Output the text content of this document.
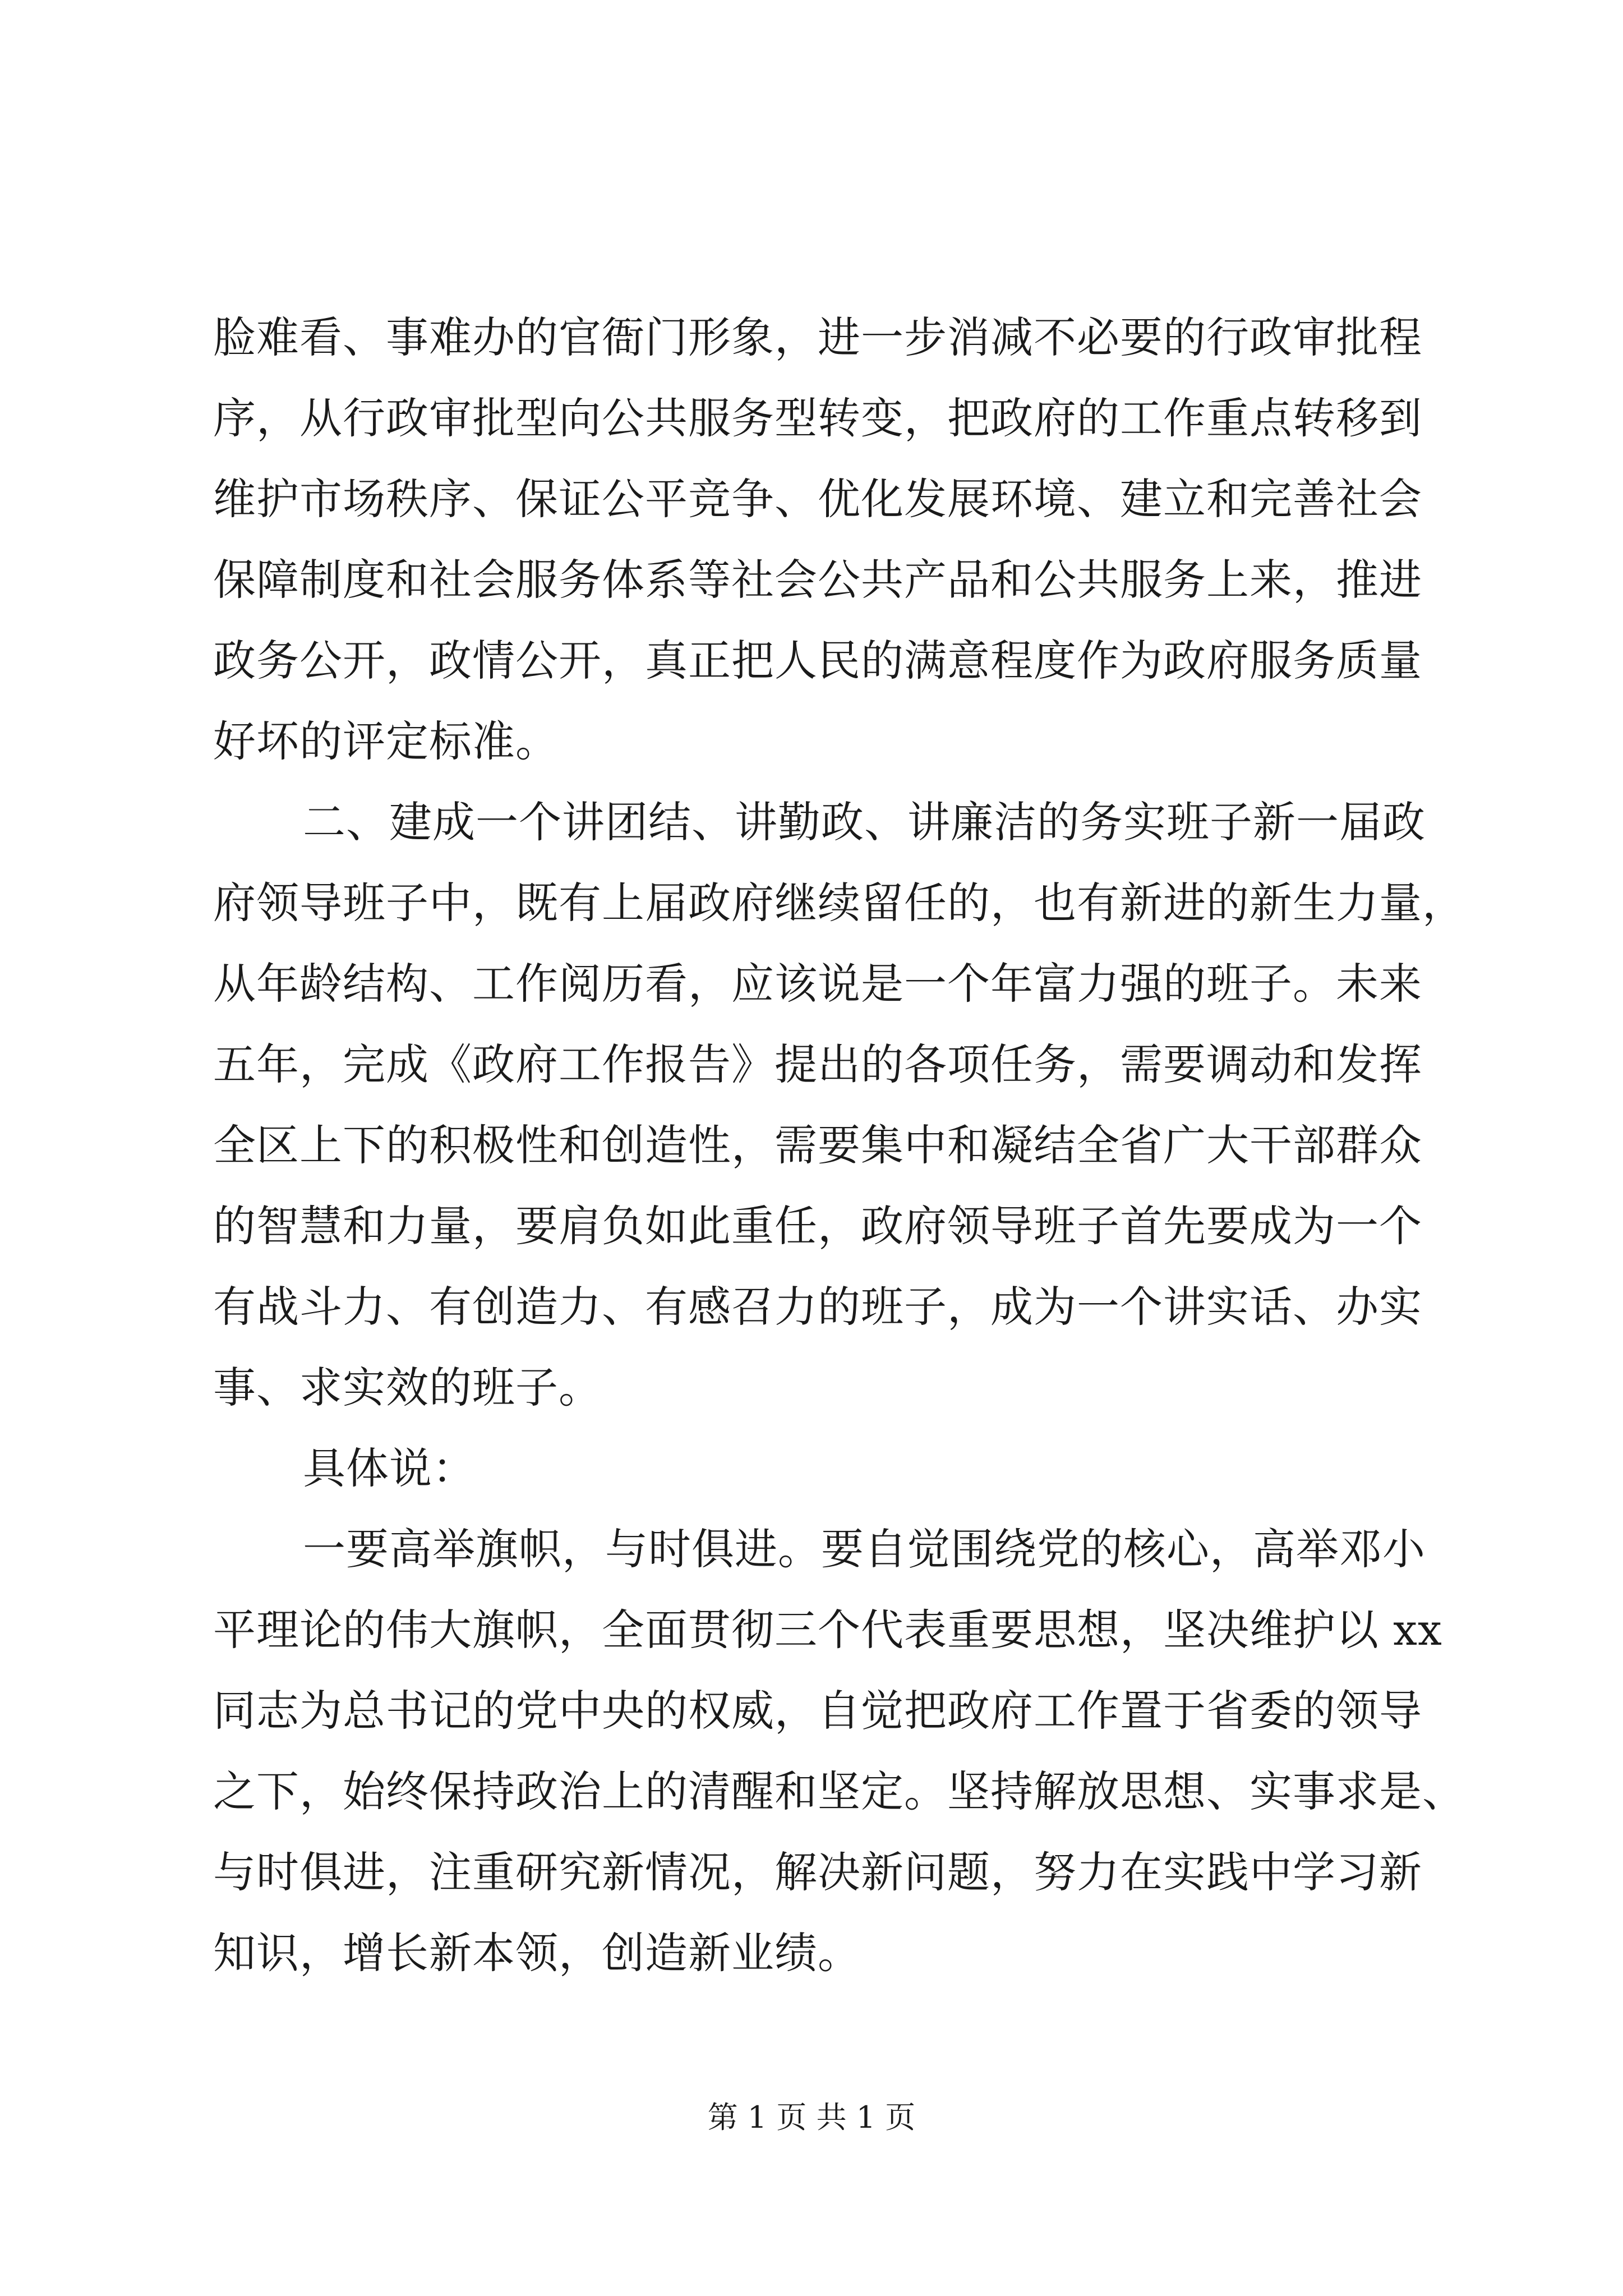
脸难看、事难办的官衙门形象，进一步消减不必要的行政审批程
序，从行政审批型向公共服务型转变，把政府的工作重点转移到
维护市场秩序、保证公平竞争、优化发展环境、建立和完善社会
保障制度和社会服务体系等社会公共产品和公共服务上来，推进
政务公开，政情公开，真正把人民的满意程度作为政府服务质量
好坏的评定标准。
二、建成一个讲团结、讲勤政、讲廉洁的务实班子新一届政
府领导班子中，既有上届政府继续留任的，也有新进的新生力量，
从年龄结构、工作阅历看，应该说是一个年富力强的班子。未来
五年，完成《政府工作报告》提出的各项任务，需要调动和发挥
全区上下的积极性和创造性，需要集中和凝结全省广大干部群众
的智慧和力量，要肩负如此重任，政府领导班子首先要成为一个
有战斗力、有创造力、有感召力的班子，成为一个讲实话、办实
事、求实效的班子。
具体说：
一要高举旗帜，与时俱进。要自觉围绕党的核心，高举邓小
平理论的伟大旗帜，全面贯彻三个代表重要思想，坚决维护以 xx
同志为总书记的党中央的权威，自觉把政府工作置于省委的领导
之下，始终保持政治上的清醒和坚定。坚持解放思想、实事求是、
与时俱进，注重研究新情况，解决新问题，努力在实践中学习新
知识，增长新本领，创造新业绩。
第 1 页 共 1 页
